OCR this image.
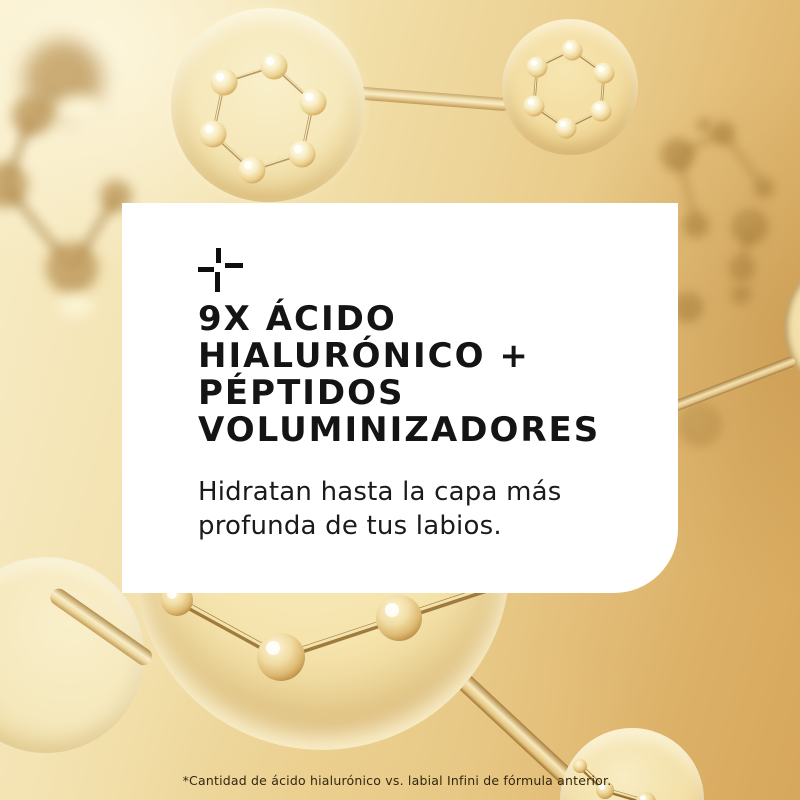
9X ÁCIDO
HIALURÓNICO +
PÉPTIDOS
VOLUMINIZADORES

Hidratan hasta la capa más
profunda de tus labios.

*Cantidad de ácido hialurónico vs. labial Infini de fórmula anterior.
